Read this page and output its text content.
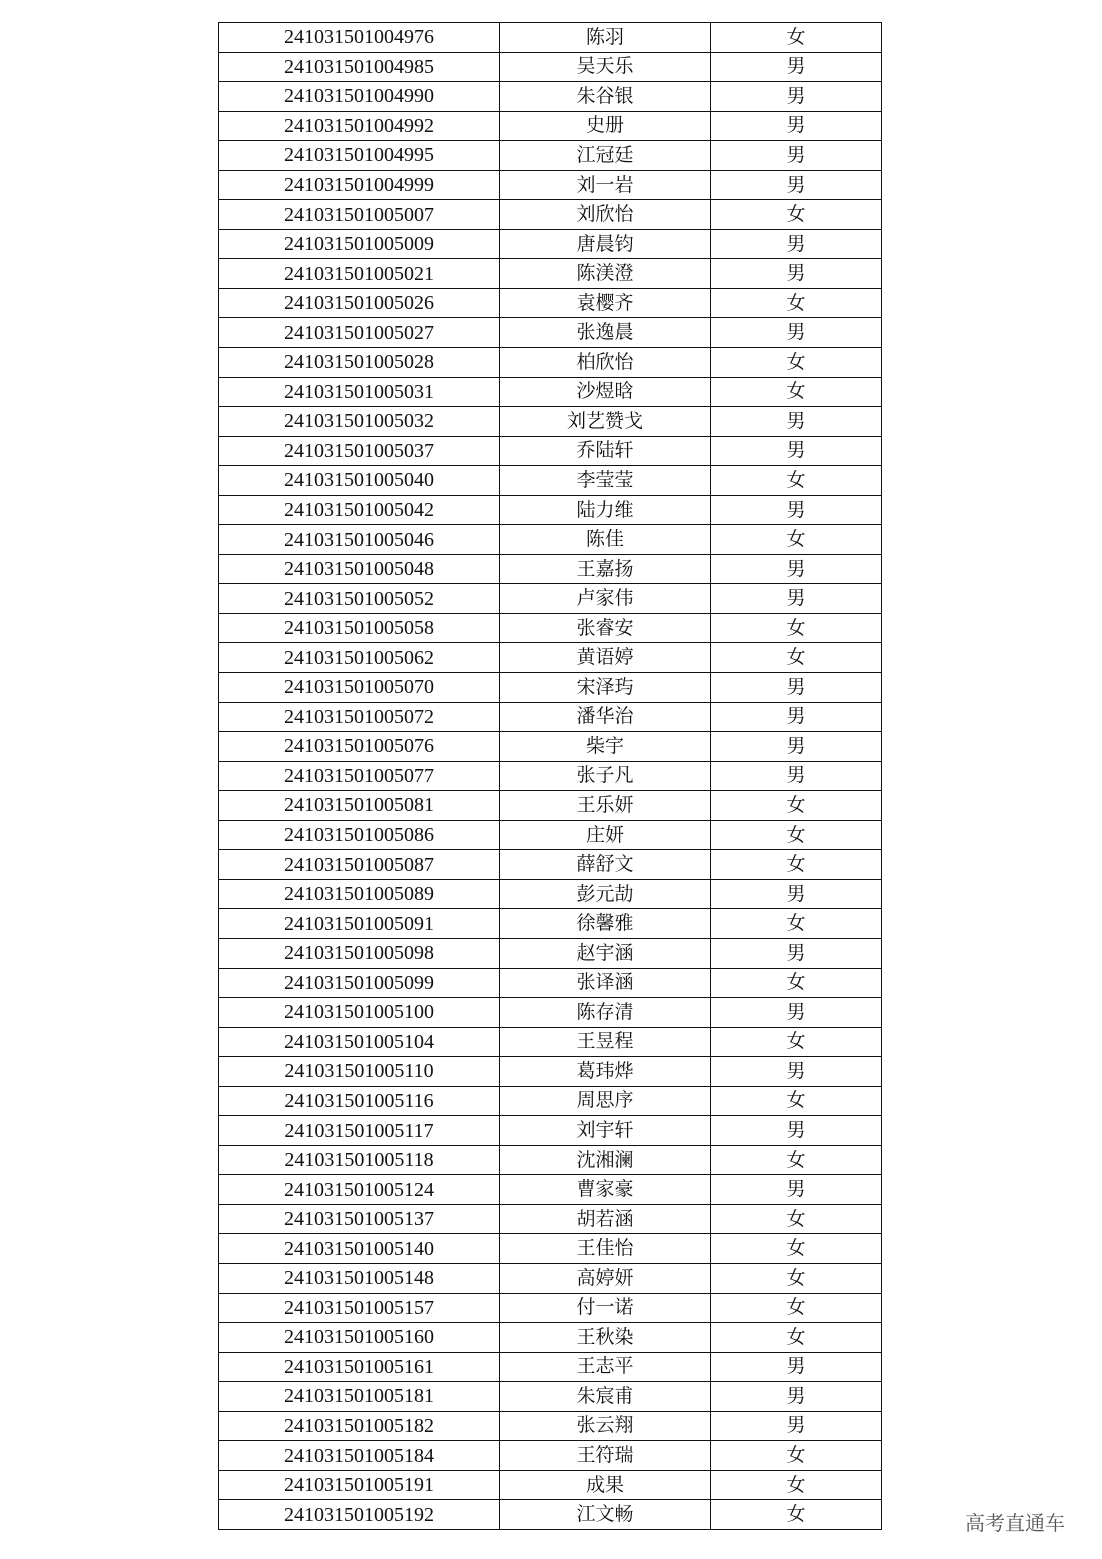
241031501004976	陈羽	女
241031501004985	吴天乐	男
241031501004990	朱谷银	男
241031501004992	史册	男
241031501004995	江冠廷	男
241031501004999	刘一岩	男
241031501005007	刘欣怡	女
241031501005009	唐晨钧	男
241031501005021	陈渼澄	男
241031501005026	袁樱齐	女
241031501005027	张逸晨	男
241031501005028	柏欣怡	女
241031501005031	沙煜晗	女
241031501005032	刘艺赞戈	男
241031501005037	乔陆轩	男
241031501005040	李莹莹	女
241031501005042	陆力维	男
241031501005046	陈佳	女
241031501005048	王嘉扬	男
241031501005052	卢家伟	男
241031501005058	张睿安	女
241031501005062	黄语婷	女
241031501005070	宋泽玙	男
241031501005072	潘华治	男
241031501005076	柴宇	男
241031501005077	张子凡	男
241031501005081	王乐妍	女
241031501005086	庄妍	女
241031501005087	薛舒文	女
241031501005089	彭元劼	男
241031501005091	徐馨雅	女
241031501005098	赵宇涵	男
241031501005099	张译涵	女
241031501005100	陈存清	男
241031501005104	王昱程	女
241031501005110	葛玮烨	男
241031501005116	周思序	女
241031501005117	刘宇轩	男
241031501005118	沈湘澜	女
241031501005124	曹家豪	男
241031501005137	胡若涵	女
241031501005140	王佳怡	女
241031501005148	高婷妍	女
241031501005157	付一诺	女
241031501005160	王秋染	女
241031501005161	王志平	男
241031501005181	朱宸甫	男
241031501005182	张云翔	男
241031501005184	王符瑞	女
241031501005191	成果	女
241031501005192	江文畅	女	高考直通车
